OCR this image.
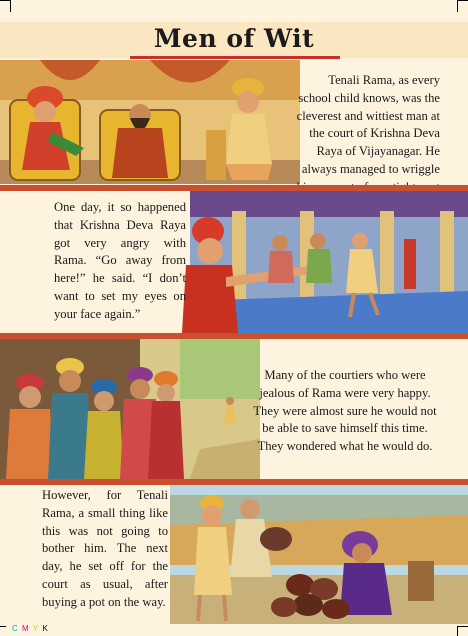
Men of Wit
Tenali Rama, as every school child knows, was the cleverest and wittiest man at the court of Krishna Deva Raya of Vijayanagar. He always managed to wriggle
One day, it so happened that Krishna Deva Raya got very angry with Rama. “Go away from here!” he said. “I don’t want to set my eyes on your face again.”
Many of the courtiers who were jealous of Rama were very happy. They were almost sure he would not be able to save himself this time. They wondered what he would do.
However, for Tenali Rama, a small thing like this was not going to bother him. The next day, he set off for the court as usual, after buying a pot on the way.
C M Y K
